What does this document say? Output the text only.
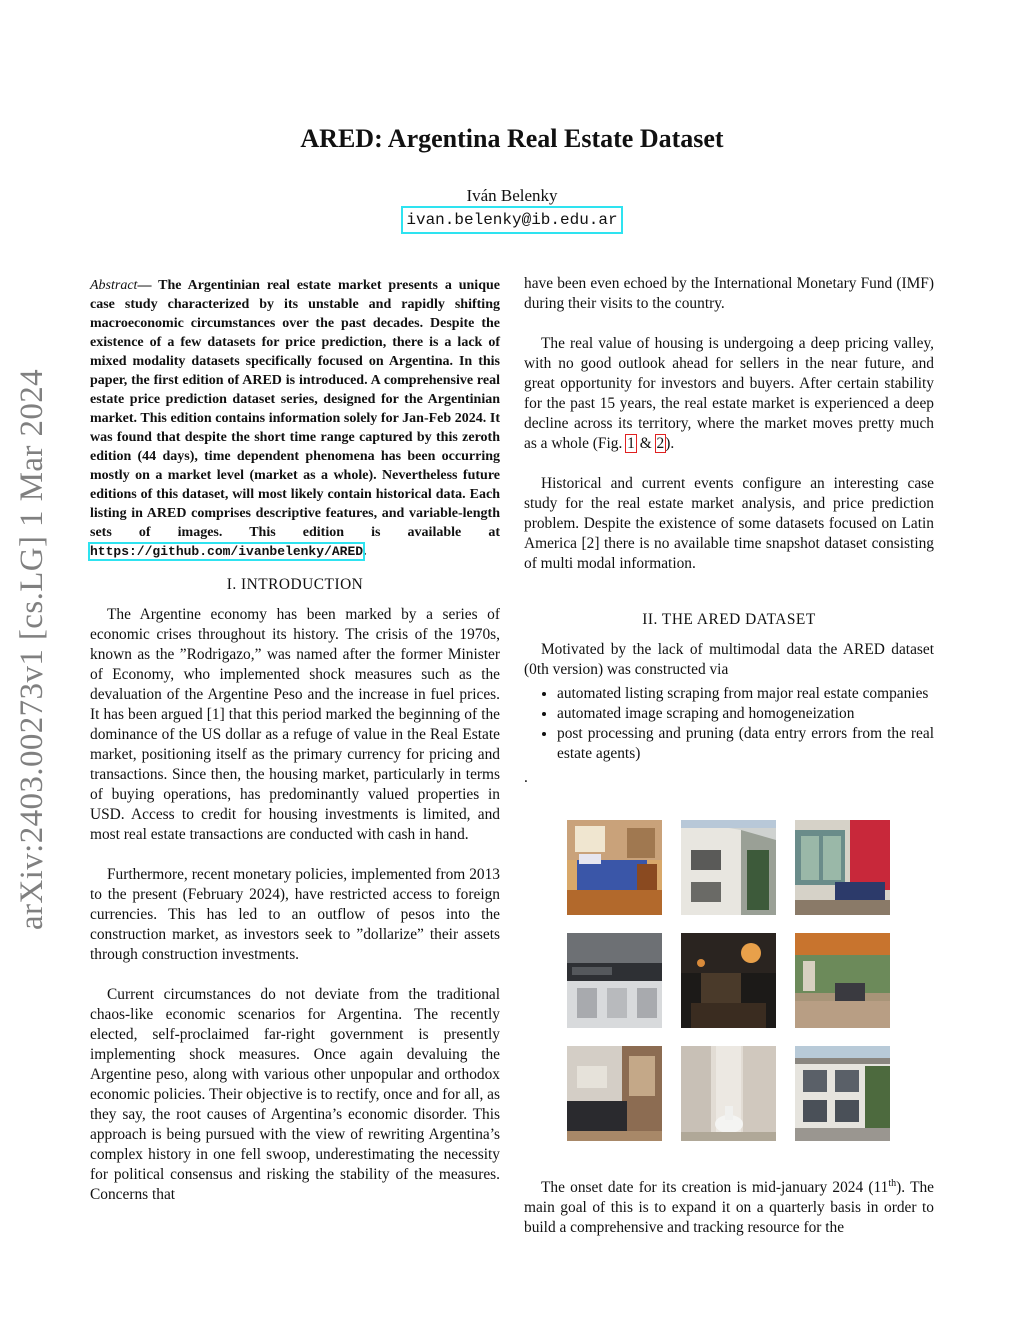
arXiv:2403.00273v1 [cs.LG] 1 Mar 2024
ARED: Argentina Real Estate Dataset
Iván Belenky
ivan.belenky@ib.edu.ar

Abstract— The Argentinian real estate market presents a unique case study characterized by its unstable and rapidly shifting macroeconomic circumstances over the past decades. Despite the existence of a few datasets for price prediction, there is a lack of mixed modality datasets specifically focused on Argentina. In this paper, the first edition of ARED is introduced. A comprehensive real estate price prediction dataset series, designed for the Argentinian market. This edition contains information solely for Jan-Feb 2024. It was found that despite the short time range captured by this zeroth edition (44 days), time dependent phenomena has been occurring mostly on a market level (market as a whole). Nevertheless future editions of this dataset, will most likely contain historical data. Each listing in ARED comprises descriptive features, and variable-length sets of images. This edition is available at https://github.com/ivanbelenky/ARED.

I. INTRODUCTION

The Argentine economy has been marked by a series of economic crises throughout its history. The crisis of the 1970s, known as the ”Rodrigazo,” was named after the former Minister of Economy, who implemented shock measures such as the devaluation of the Argentine Peso and the increase in fuel prices. It has been argued [1] that this period marked the beginning of the dominance of the US dollar as a refuge of value in the Real Estate market, positioning itself as the primary currency for pricing and transactions. Since then, the housing market, particularly in terms of buying operations, has predominantly valued properties in USD. Access to credit for housing investments is limited, and most real estate transactions are conducted with cash in hand.

Furthermore, recent monetary policies, implemented from 2013 to the present (February 2024), have restricted access to foreign currencies. This has led to an outflow of pesos into the construction market, as investors seek to ”dollarize” their assets through construction investments.

Current circumstances do not deviate from the traditional chaos-like economic scenarios for Argentina. The recently elected, self-proclaimed far-right government is presently implementing shock measures. Once again devaluing the Argentine peso, along with various other unpopular and orthodox economic policies. Their objective is to rectify, once and for all, as they say, the root causes of Argentina’s economic disorder. This approach is being pursued with the view of rewriting Argentina’s complex history in one fell swoop, underestimating the necessity for political consensus and risking the stability of the measures. Concerns that

have been even echoed by the International Monetary Fund (IMF) during their visits to the country.

The real value of housing is undergoing a deep pricing valley, with no good outlook ahead for sellers in the near future, and great opportunity for investors and buyers. After certain stability for the past 15 years, the real estate market is experienced a deep decline across its territory, where the market moves pretty much as a whole (Fig. 1 & 2).

Historical and current events configure an interesting case study for the real estate market analysis, and price prediction problem. Despite the existence of some datasets focused on Latin America [2] there is no available time snapshot dataset consisting of multi modal information.

II. THE ARED DATASET

Motivated by the lack of multimodal data the ARED dataset (0th version) was constructed via

• automated listing scraping from major real estate companies
• automated image scraping and homogeneization
• post processing and pruning (data entry errors from the real estate agents)
.

The onset date for its creation is mid-january 2024 (11th). The main goal of this is to expand it on a quarterly basis in order to build a comprehensive and tracking resource for the
